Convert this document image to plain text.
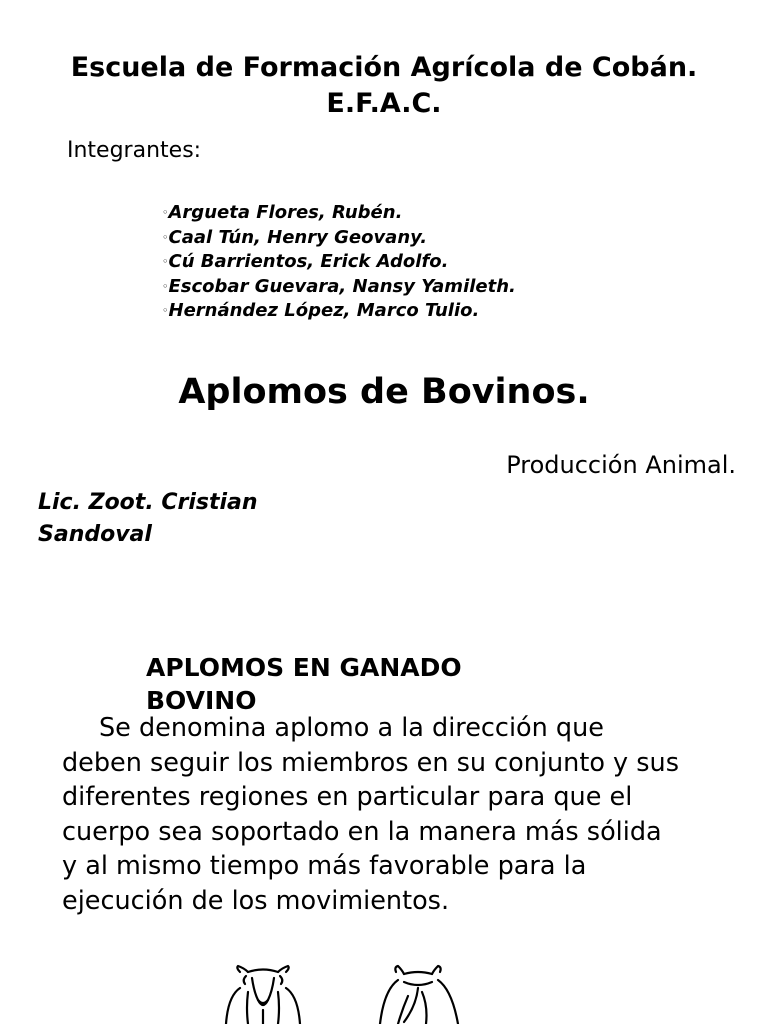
Escuela de Formación Agrícola de Cobán.
E.F.A.C.
Integrantes:
◦Argueta Flores, Rubén.
◦Caal Tún, Henry Geovany.
◦Cú Barrientos, Erick Adolfo.
◦Escobar Guevara, Nansy Yamileth.
◦Hernández López, Marco Tulio.
Aplomos de Bovinos.
Producción Animal.
Lic. Zoot. Cristian Sandoval
APLOMOS EN GANADO BOVINO
Se denomina aplomo a la dirección que deben seguir los miembros en su conjunto y sus diferentes regiones en particular para que el cuerpo sea soportado en la manera más sólida y al mismo tiempo más favorable para la ejecución de los movimientos.
